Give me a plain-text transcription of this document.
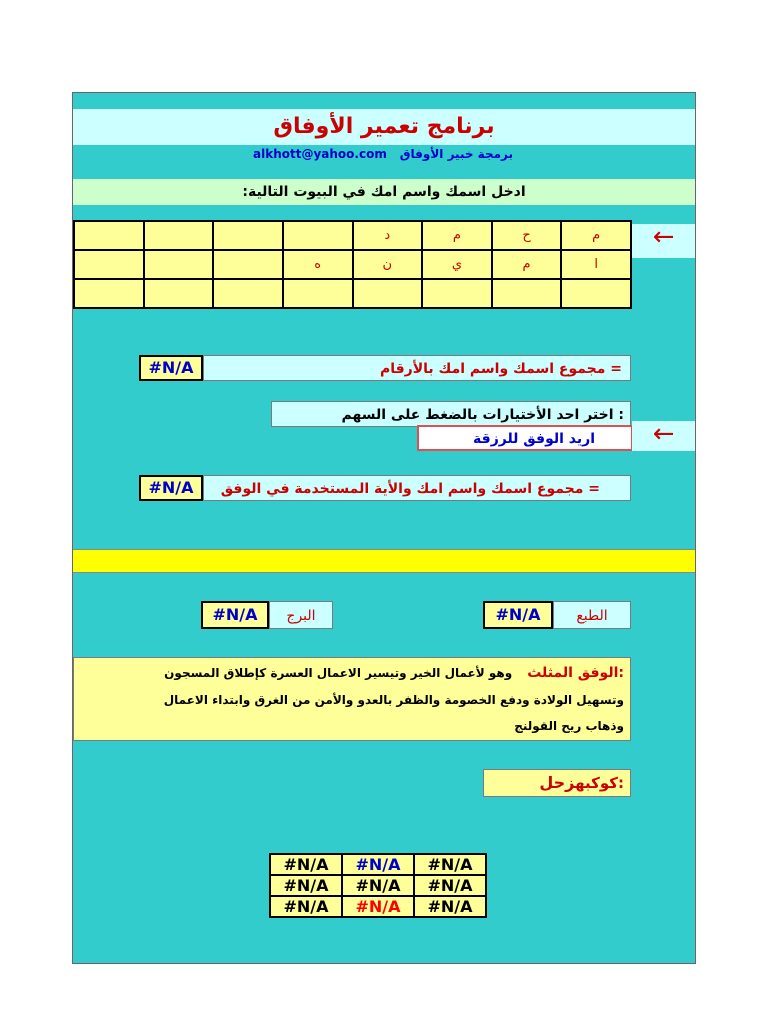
برنامج تعمير الأوفاق
برمجة خبير الأوفاق
alkhott@yahoo.com
:ادخل اسمك واسم امك في البيوت التالية
←
				د	م	ح	م
			ه	ن	ي	م	ا

#N/A	= مجموع اسمك واسم امك بالأرقام
: اختر احد الأختيارات بالضغط على السهم
اريد الوفق للرزقة	←
#N/A	= مجموع اسمك واسم امك والأية المستخدمة في الوفق
#N/A	البرج	#N/A	الطبع
:الوفق المثلث وهو لأعمال الخير وتيسير الاعمال العسرة كإطلاق المسجون
وتسهيل الولادة ودفع الخصومة والظفر بالعدو والأمن من الغرق وابتداء الاعمال
وذهاب ريح القولنج
:كوكبهزحل
#N/A	#N/A	#N/A
#N/A	#N/A	#N/A
#N/A	#N/A	#N/A
